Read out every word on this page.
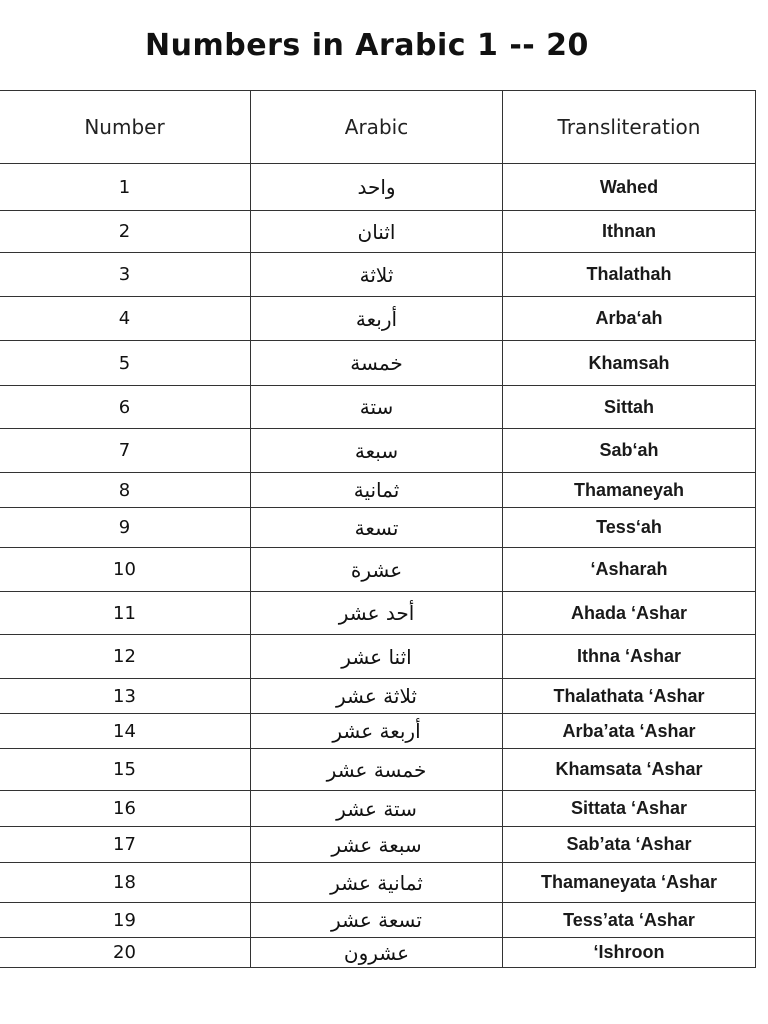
Numbers in Arabic 1 -- 20
Number	Arabic	Transliteration
1	واحد	Wahed
2	اثنان	Ithnan
3	ثلاثة	Thalathah
4	أربعة	Arba‘ah
5	خمسة	Khamsah
6	ستة	Sittah
7	سبعة	Sab‘ah
8	ثمانية	Thamaneyah
9	تسعة	Tess‘ah
10	عشرة	‘Asharah
11	أحد عشر	Ahada ‘Ashar
12	اثنا عشر	Ithna ‘Ashar
13	ثلاثة عشر	Thalathata ‘Ashar
14	أربعة عشر	Arba’ata ‘Ashar
15	خمسة عشر	Khamsata ‘Ashar
16	ستة عشر	Sittata ‘Ashar
17	سبعة عشر	Sab’ata ‘Ashar
18	ثمانية عشر	Thamaneyata ‘Ashar
19	تسعة عشر	Tess’ata ‘Ashar
20	عشرون	‘Ishroon
